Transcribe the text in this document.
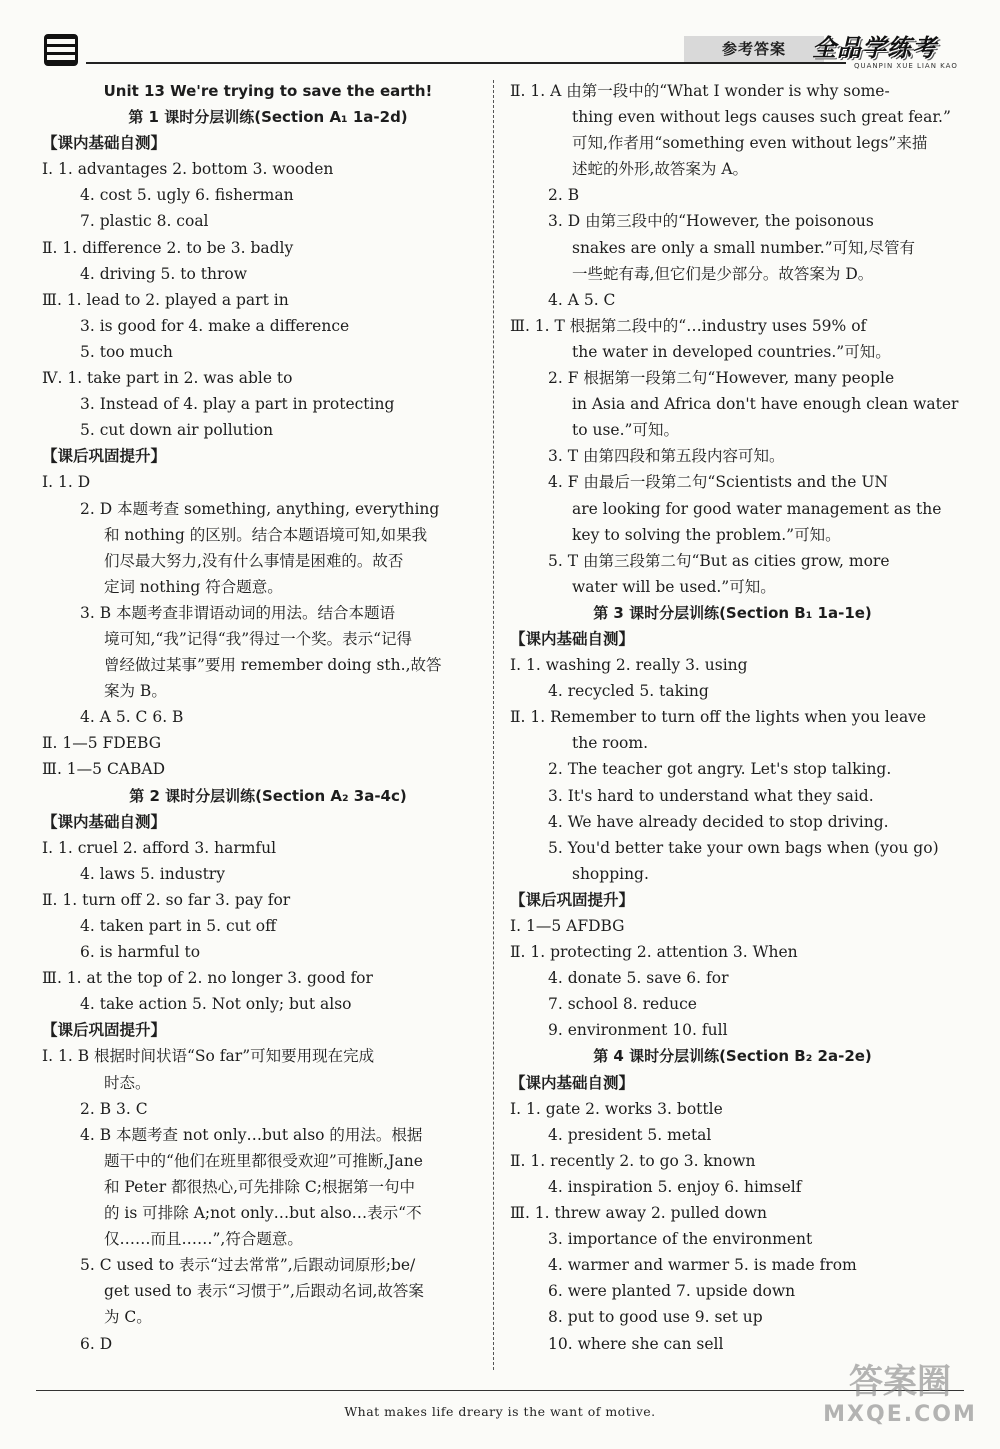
参考答案	全品学练考
QUANPIN XUE LIAN KAO
Unit 13 We're trying to save the earth!
第 1 课时分层训练(Section A₁ 1a-2d)
【课内基础自测】
Ⅰ. 1. advantages 2. bottom 3. wooden
4. cost 5. ugly 6. fisherman
7. plastic 8. coal
Ⅱ. 1. difference 2. to be 3. badly
4. driving 5. to throw
Ⅲ. 1. lead to 2. played a part in
3. is good for 4. make a difference
5. too much
Ⅳ. 1. take part in 2. was able to
3. Instead of 4. play a part in protecting
5. cut down air pollution
【课后巩固提升】
Ⅰ. 1. D
2. D 本题考查 something, anything, everything
和 nothing 的区别。结合本题语境可知,如果我
们尽最大努力,没有什么事情是困难的。故否
定词 nothing 符合题意。
3. B 本题考查非谓语动词的用法。结合本题语
境可知,“我”记得“我”得过一个奖。表示“记得
曾经做过某事”要用 remember doing sth.,故答
案为 B。
4. A 5. C 6. B
Ⅱ. 1—5 FDEBG
Ⅲ. 1—5 CABAD
第 2 课时分层训练(Section A₂ 3a-4c)
【课内基础自测】
Ⅰ. 1. cruel 2. afford 3. harmful
4. laws 5. industry
Ⅱ. 1. turn off 2. so far 3. pay for
4. taken part in 5. cut off
6. is harmful to
Ⅲ. 1. at the top of 2. no longer 3. good for
4. take action 5. Not only; but also
【课后巩固提升】
Ⅰ. 1. B 根据时间状语“So far”可知要用现在完成
时态。
2. B 3. C
4. B 本题考查 not only…but also 的用法。根据
题干中的“他们在班里都很受欢迎”可推断,Jane
和 Peter 都很热心,可先排除 C;根据第一句中
的 is 可排除 A;not only…but also…表示“不
仅……而且……”,符合题意。
5. C used to 表示“过去常常”,后跟动词原形;be/
get used to 表示“习惯于”,后跟动名词,故答案
为 C。
6. D
Ⅱ. 1. A 由第一段中的“What I wonder is why some-
thing even without legs causes such great fear.”
可知,作者用“something even without legs”来描
述蛇的外形,故答案为 A。
2. B
3. D 由第三段中的“However, the poisonous
snakes are only a small number.”可知,尽管有
一些蛇有毒,但它们是少部分。故答案为 D。
4. A 5. C
Ⅲ. 1. T 根据第二段中的“…industry uses 59% of
the water in developed countries.”可知。
2. F 根据第一段第二句“However, many people
in Asia and Africa don't have enough clean water
to use.”可知。
3. T 由第四段和第五段内容可知。
4. F 由最后一段第二句“Scientists and the UN
are looking for good water management as the
key to solving the problem.”可知。
5. T 由第三段第二句“But as cities grow, more
water will be used.”可知。
第 3 课时分层训练(Section B₁ 1a-1e)
【课内基础自测】
Ⅰ. 1. washing 2. really 3. using
4. recycled 5. taking
Ⅱ. 1. Remember to turn off the lights when you leave
the room.
2. The teacher got angry. Let's stop talking.
3. It's hard to understand what they said.
4. We have already decided to stop driving.
5. You'd better take your own bags when (you go)
shopping.
【课后巩固提升】
Ⅰ. 1—5 AFDBG
Ⅱ. 1. protecting 2. attention 3. When
4. donate 5. save 6. for
7. school 8. reduce
9. environment 10. full
第 4 课时分层训练(Section B₂ 2a-2e)
【课内基础自测】
Ⅰ. 1. gate 2. works 3. bottle
4. president 5. metal
Ⅱ. 1. recently 2. to go 3. known
4. inspiration 5. enjoy 6. himself
Ⅲ. 1. threw away 2. pulled down
3. importance of the environment
4. warmer and warmer 5. is made from
6. were planted 7. upside down
8. put to good use 9. set up
10. where she can sell
What makes life dreary is the want of motive.
答案圈
MXQE.COM
